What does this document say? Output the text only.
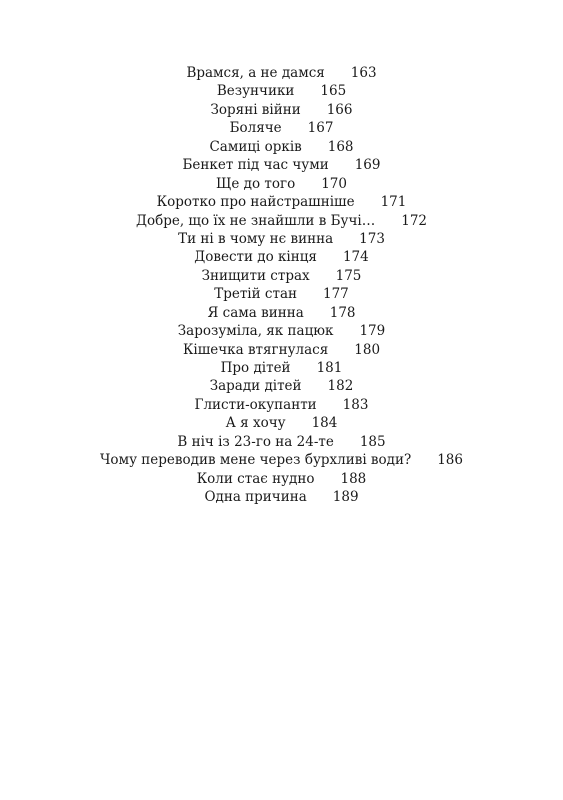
Врамся, а не дамся 163
Везунчики 165
Зоряні війни 166
Боляче 167
Самиці орків 168
Бенкет під час чуми 169
Ще до того 170
Коротко про найстрашніше 171
Добре, що їх не знайшли в Бучі… 172
Ти ні в чому нє винна 173
Довести до кінця 174
Знищити страх 175
Третій стан 177
Я сама винна 178
Зарозуміла, як пацюк 179
Кішечка втягнулася 180
Про дітей 181
Заради дітей 182
Глисти-окупанти 183
А я хочу 184
В ніч із 23-го на 24-те 185
Чому переводив мене через бурхливі води? 186
Коли стає нудно 188
Одна причина 189
